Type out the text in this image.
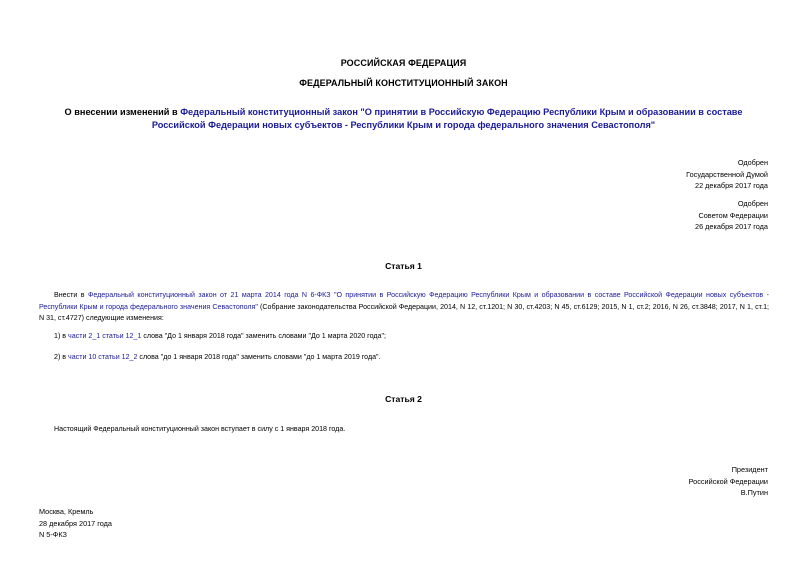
РОССИЙСКАЯ ФЕДЕРАЦИЯ
ФЕДЕРАЛЬНЫЙ КОНСТИТУЦИОННЫЙ ЗАКОН
О внесении изменений в Федеральный конституционный закон "О принятии в Российскую Федерацию Республики Крым и образовании в составе Российской Федерации новых субъектов - Республики Крым и города федерального значения Севастополя"
Одобрен
Государственной Думой
22 декабря 2017 года
Одобрен
Советом Федерации
26 декабря 2017 года
Статья 1
Внести в Федеральный конституционный закон от 21 марта 2014 года N 6-ФКЗ "О принятии в Российскую Федерацию Республики Крым и образовании в составе Российской Федерации новых субъектов - Республики Крым и города федерального значения Севастополя" (Собрание законодательства Российской Федерации, 2014, N 12, ст.1201; N 30, ст.4203; N 45, ст.6129; 2015, N 1, ст.2; 2016, N 26, ст.3848; 2017, N 1, ст.1; N 31, ст.4727) следующие изменения:
1) в части 2_1 статьи 12_1 слова "До 1 января 2018 года" заменить словами "До 1 марта 2020 года";
2) в части 10 статьи 12_2 слова "до 1 января 2018 года" заменить словами "до 1 марта 2019 года".
Статья 2
Настоящий Федеральный конституционный закон вступает в силу с 1 января 2018 года.
Президент
Российской Федерации
В.Путин
Москва, Кремль
28 декабря 2017 года
N 5-ФКЗ
